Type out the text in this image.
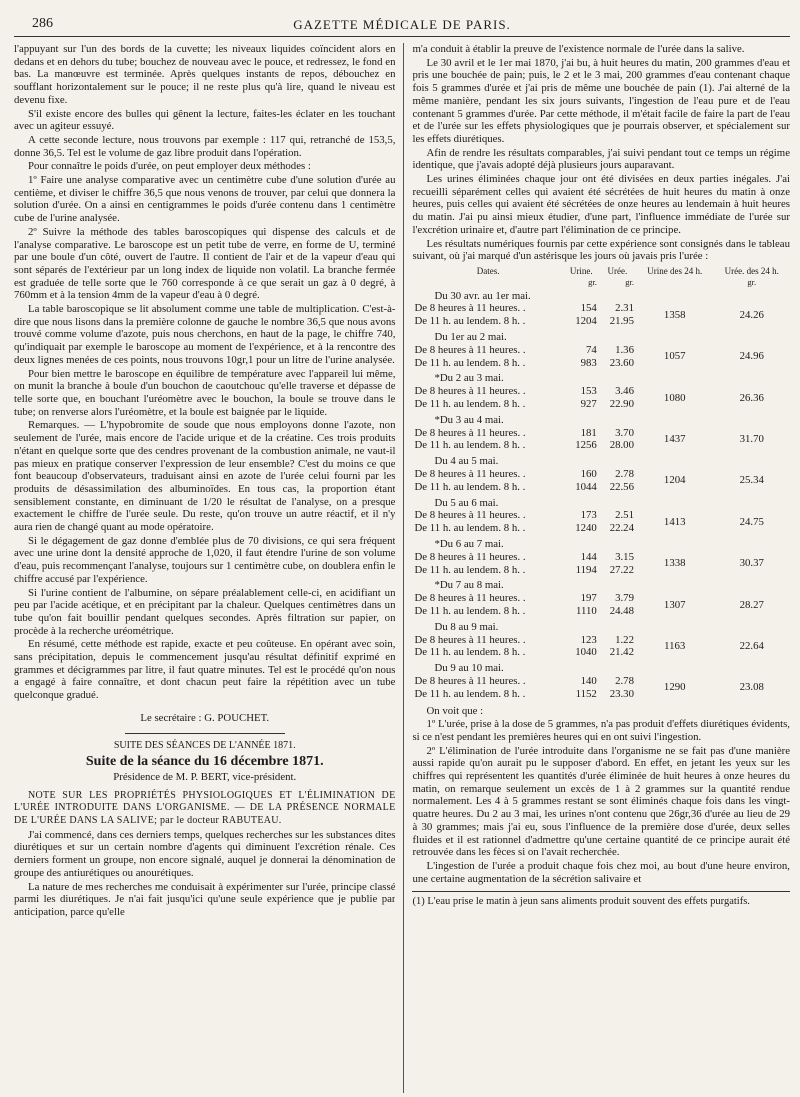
286	GAZETTE MÉDICALE DE PARIS.

l'appuyant sur l'un des bords de la cuvette; les niveaux liquides coïncident alors en dedans et en dehors du tube; bouchez de nouveau avec le pouce, et redressez, le fond en bas. La manœuvre est terminée. Après quelques instants de repos, débouchez en soufflant horizontalement sur le pouce; il ne reste plus qu'à lire, quand le niveau est devenu fixe.

S'il existe encore des bulles qui gênent la lecture, faites-les éclater en les touchant avec un agiteur essuyé.

A cette seconde lecture, nous trouvons par exemple : 117 qui, retranché de 153,5, donne 36,5. Tel est le volume de gaz libre produit dans l'opération.

Pour connaître le poids d'urée, on peut employer deux méthodes :

1º Faire une analyse comparative avec un centimètre cube d'une solution d'urée au centième, et diviser le chiffre 36,5 que nous venons de trouver, par celui que donnera la solution d'urée. On a ainsi en centigrammes le poids d'urée contenu dans 1 centimètre cube de l'urine analysée.

2º Suivre la méthode des tables baroscopiques qui dispense des calculs et de l'analyse comparative. Le baroscope est un petit tube de verre, en forme de U, terminé par une boule d'un côté, ouvert de l'autre. Il contient de l'air et de la vapeur d'eau qui sont séparés de l'extérieur par un long index de liquide non volatil. La branche fermée est graduée de telle sorte que le 760 corresponde à ce que serait un gaz à 0 degré, à 760mm et à la tension 4mm de la vapeur d'eau à 0 degré.

La table baroscopique se lit absolument comme une table de multiplication. C'est-à-dire que nous lisons dans la première colonne de gauche le nombre 36,5 que nous avons trouvé comme volume d'azote, puis nous cherchons, en haut de la page, le chiffre 740, qu'indiquait par exemple le baroscope au moment de l'expérience, et à la rencontre des deux lignes menées de ces points, nous trouvons 10gr,1 pour un litre de l'urine analysée.

Pour bien mettre le baroscope en équilibre de température avec l'appareil lui même, on munit la branche à boule d'un bouchon de caoutchouc qu'elle traverse et dépasse de telle sorte que, en bouchant l'uréomètre avec le bouchon, la boule se trouve dans le tube; on renverse alors l'uréomètre, et la boule est baignée par le liquide.

Remarques. — L'hypobromite de soude que nous employons donne l'azote, non seulement de l'urée, mais encore de l'acide urique et de la créatine. Ces trois produits n'étant en quelque sorte que des cendres provenant de la combustion animale, ne vaut-il pas mieux en pratique conserver l'expression de leur ensemble? C'est du moins ce que font beaucoup d'observateurs, traduisant ainsi en azote de l'urée celui fourni par les produits de désassimilation des albuminoïdes. En tous cas, la proportion étant sensiblement constante, en diminuant de 1/20 le résultat de l'analyse, on a presque exactement le chiffre de l'urée seule. Du reste, qu'on trouve un autre réactif, et il n'y aura rien de changé quant au mode opératoire.

Si le dégagement de gaz donne d'emblée plus de 70 divisions, ce qui sera fréquent avec une urine dont la densité approche de 1,020, il faut étendre l'urine de son volume d'eau, puis recommençant l'analyse, toujours sur 1 centimètre cube, on doublera enfin le chiffre accusé par l'expérience.

Si l'urine contient de l'albumine, on sépare préalablement celle-ci, en acidifiant un peu par l'acide acétique, et en précipitant par la chaleur. Quelques centimètres dans un tube qu'on fait bouillir pendant quelques secondes. Après filtration sur papier, on procède à la recherche uréométrique.

En résumé, cette méthode est rapide, exacte et peu coûteuse. En opérant avec soin, sans précipitation, depuis le commencement jusqu'au résultat définitif exprimé en grammes et décigrammes par litre, il faut quatre minutes. Tel est le procédé qu'on nous a engagé à faire connaître, et dont chacun peut faire la répétition avec un tube quelconque gradué.

Le secrétaire : G. POUCHET.
SUITE DES SÉANCES DE L'ANNÉE 1871.
Suite de la séance du 16 décembre 1871.
Présidence de M. P. BERT, vice-président.

NOTE SUR LES PROPRIÉTÉS PHYSIOLOGIQUES ET L'ÉLIMINATION DE L'URÉE INTRODUITE DANS L'ORGANISME. — DE LA PRÉSENCE NORMALE DE L'URÉE DANS LA SALIVE; par le docteur RABUTEAU.

J'ai commencé, dans ces derniers temps, quelques recherches sur les substances dites diurétiques et sur un certain nombre d'agents qui diminuent l'excrétion rénale. Ces derniers forment un groupe, non encore signalé, auquel je donnerai la dénomination de groupe des antiurétiques ou anourétiques.

La nature de mes recherches me conduisait à expérimenter sur l'urée, principe classé parmi les diurétiques. Je n'ai fait jusqu'ici qu'une seule expérience que je publie par anticipation, parce qu'elle

m'a conduit à établir la preuve de l'existence normale de l'urée dans la salive.

Le 30 avril et le 1er mai 1870, j'ai bu, à huit heures du matin, 200 grammes d'eau et pris une bouchée de pain; puis, le 2 et le 3 mai, 200 grammes d'eau contenant chaque fois 5 grammes d'urée et j'ai pris de même une bouchée de pain (1). J'ai alterné de la même manière, pendant les six jours suivants, l'ingestion de l'eau pure et de l'eau contenant 5 grammes d'urée. Par cette méthode, il m'était facile de faire la part de l'eau et de l'urée sur les effets physiologiques que je pourrais observer, et spécialement sur les effets diurétiques.

Afin de rendre les résultats comparables, j'ai suivi pendant tout ce temps un régime identique, que j'avais adopté déjà plusieurs jours auparavant.

Les urines éliminées chaque jour ont été divisées en deux parties inégales. J'ai recueilli séparément celles qui avaient été sécrétées de huit heures du matin à onze heures, puis celles qui avaient été sécrétées de onze heures au lendemain à huit heures du matin. J'ai pu ainsi mieux étudier, d'une part, l'influence immédiate de l'urée sur l'excrétion urinaire et, d'autre part l'élimination de ce principe.

Les résultats numériques fournis par cette expérience sont consignés dans le tableau suivant, où j'ai marqué d'un astérisque les jours où javais pris l'urée :

Dates.	Urine.	Urée.	Urine des 24 h.	Urée. des 24 h.
	gr.	gr.		gr.
Du 30 avr. au 1er mai.				
De 8 heures à 11 heures. .	154	2.31	1358	24.26
De 11 h. au lendem. 8 h. .	1204	21.95		
Du 1er au 2 mai.				
De 8 heures à 11 heures. .	74	1.36	1057	24.96
De 11 h. au lendem. 8 h. .	983	23.60		
*Du 2 au 3 mai.				
De 8 heures à 11 heures. .	153	3.46	1080	26.36
De 11 h. au lendem. 8 h. .	927	22.90		
*Du 3 au 4 mai.				
De 8 heures à 11 heures. .	181	3.70	1437	31.70
De 11 h. au lendem. 8 h. .	1256	28.00		
Du 4 au 5 mai.				
De 8 heures à 11 heures. .	160	2.78	1204	25.34
De 11 h. au lendem. 8 h. .	1044	22.56		
Du 5 au 6 mai.				
De 8 heures à 11 heures. .	173	2.51	1413	24.75
De 11 h. au lendem. 8 h. .	1240	22.24		
*Du 6 au 7 mai.				
De 8 heures à 11 heures. .	144	3.15	1338	30.37
De 11 h. au lendem. 8 h. .	1194	27.22		
*Du 7 au 8 mai.				
De 8 heures à 11 heures. .	197	3.79	1307	28.27
De 11 h. au lendem. 8 h. .	1110	24.48		
Du 8 au 9 mai.				
De 8 heures à 11 heures. .	123	1.22	1163	22.64
De 11 h. au lendem. 8 h. .	1040	21.42		
Du 9 au 10 mai.				
De 8 heures à 11 heures. .	140	2.78	1290	23.08
De 11 h. au lendem. 8 h. .	1152	23.30		

On voit que :

1º L'urée, prise à la dose de 5 grammes, n'a pas produit d'effets diurétiques évidents, si ce n'est pendant les premières heures qui en ont suivi l'ingestion.

2º L'élimination de l'urée introduite dans l'organisme ne se fait pas d'une manière aussi rapide qu'on aurait pu le supposer d'abord. En effet, en jetant les yeux sur les chiffres qui représentent les quantités d'urée éliminée de huit heures à onze heures du matin, on remarque seulement un excès de 1 à 2 grammes sur la quantité rendue normalement. Les 4 à 5 grammes restant se sont éliminés chaque fois dans les vingt-quatre heures. Du 2 au 3 mai, les urines n'ont contenu que 26gr,36 d'urée au lieu de 29 à 30 grammes; mais j'ai eu, sous l'influence de la première dose d'urée, deux selles fluides et il est rationnel d'admettre qu'une certaine quantité de ce principe aurait été retrouvée dans les fèces si on l'avait recherchée.

L'ingestion de l'urée a produit chaque fois chez moi, au bout d'une heure environ, une certaine augmentation de la sécrétion salivaire et

(1) L'eau prise le matin à jeun sans aliments produit souvent des effets purgatifs.
